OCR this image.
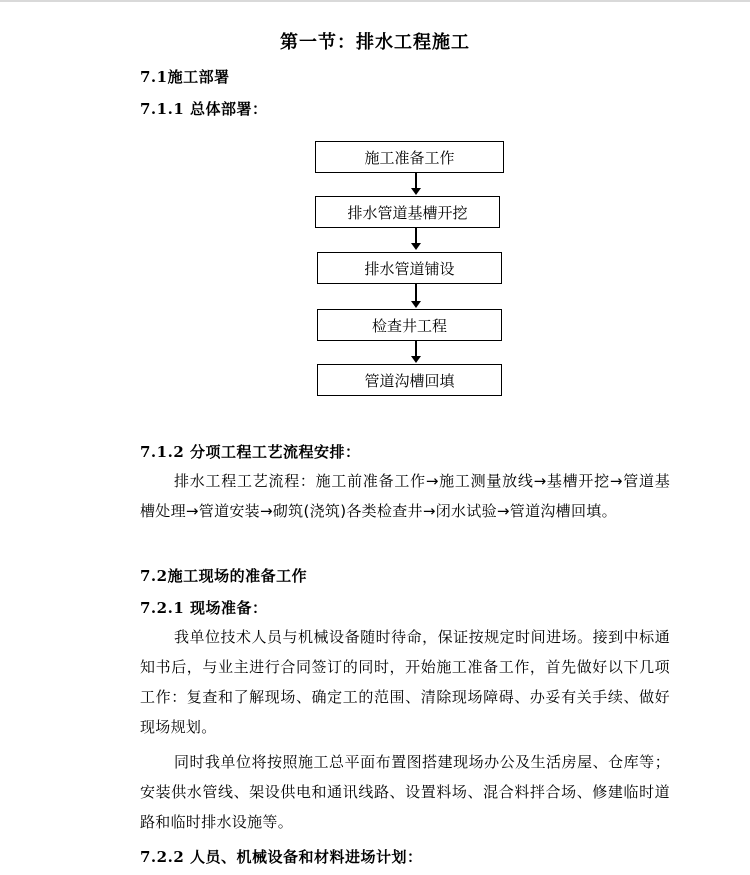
第一节：排水工程施工
7.1施工部署
7.1.1 总体部署：
施工准备工作
排水管道基槽开挖
排水管道铺设
检查井工程
管道沟槽回填
7.1.2 分项工程工艺流程安排：
排水工程工艺流程：施工前准备工作→施工测量放线→基槽开挖→管道基槽处理→管道安装→砌筑(浇筑)各类检查井→闭水试验→管道沟槽回填。
7.2施工现场的准备工作
7.2.1 现场准备：
我单位技术人员与机械设备随时待命，保证按规定时间进场。接到中标通知书后，与业主进行合同签订的同时，开始施工准备工作，首先做好以下几项工作：复查和了解现场、确定工的范围、清除现场障碍、办妥有关手续、做好现场规划。
同时我单位将按照施工总平面布置图搭建现场办公及生活房屋、仓库等；安装供水管线、架设供电和通讯线路、设置料场、混合料拌合场、修建临时道路和临时排水设施等。
7.2.2 人员、机械设备和材料进场计划：
